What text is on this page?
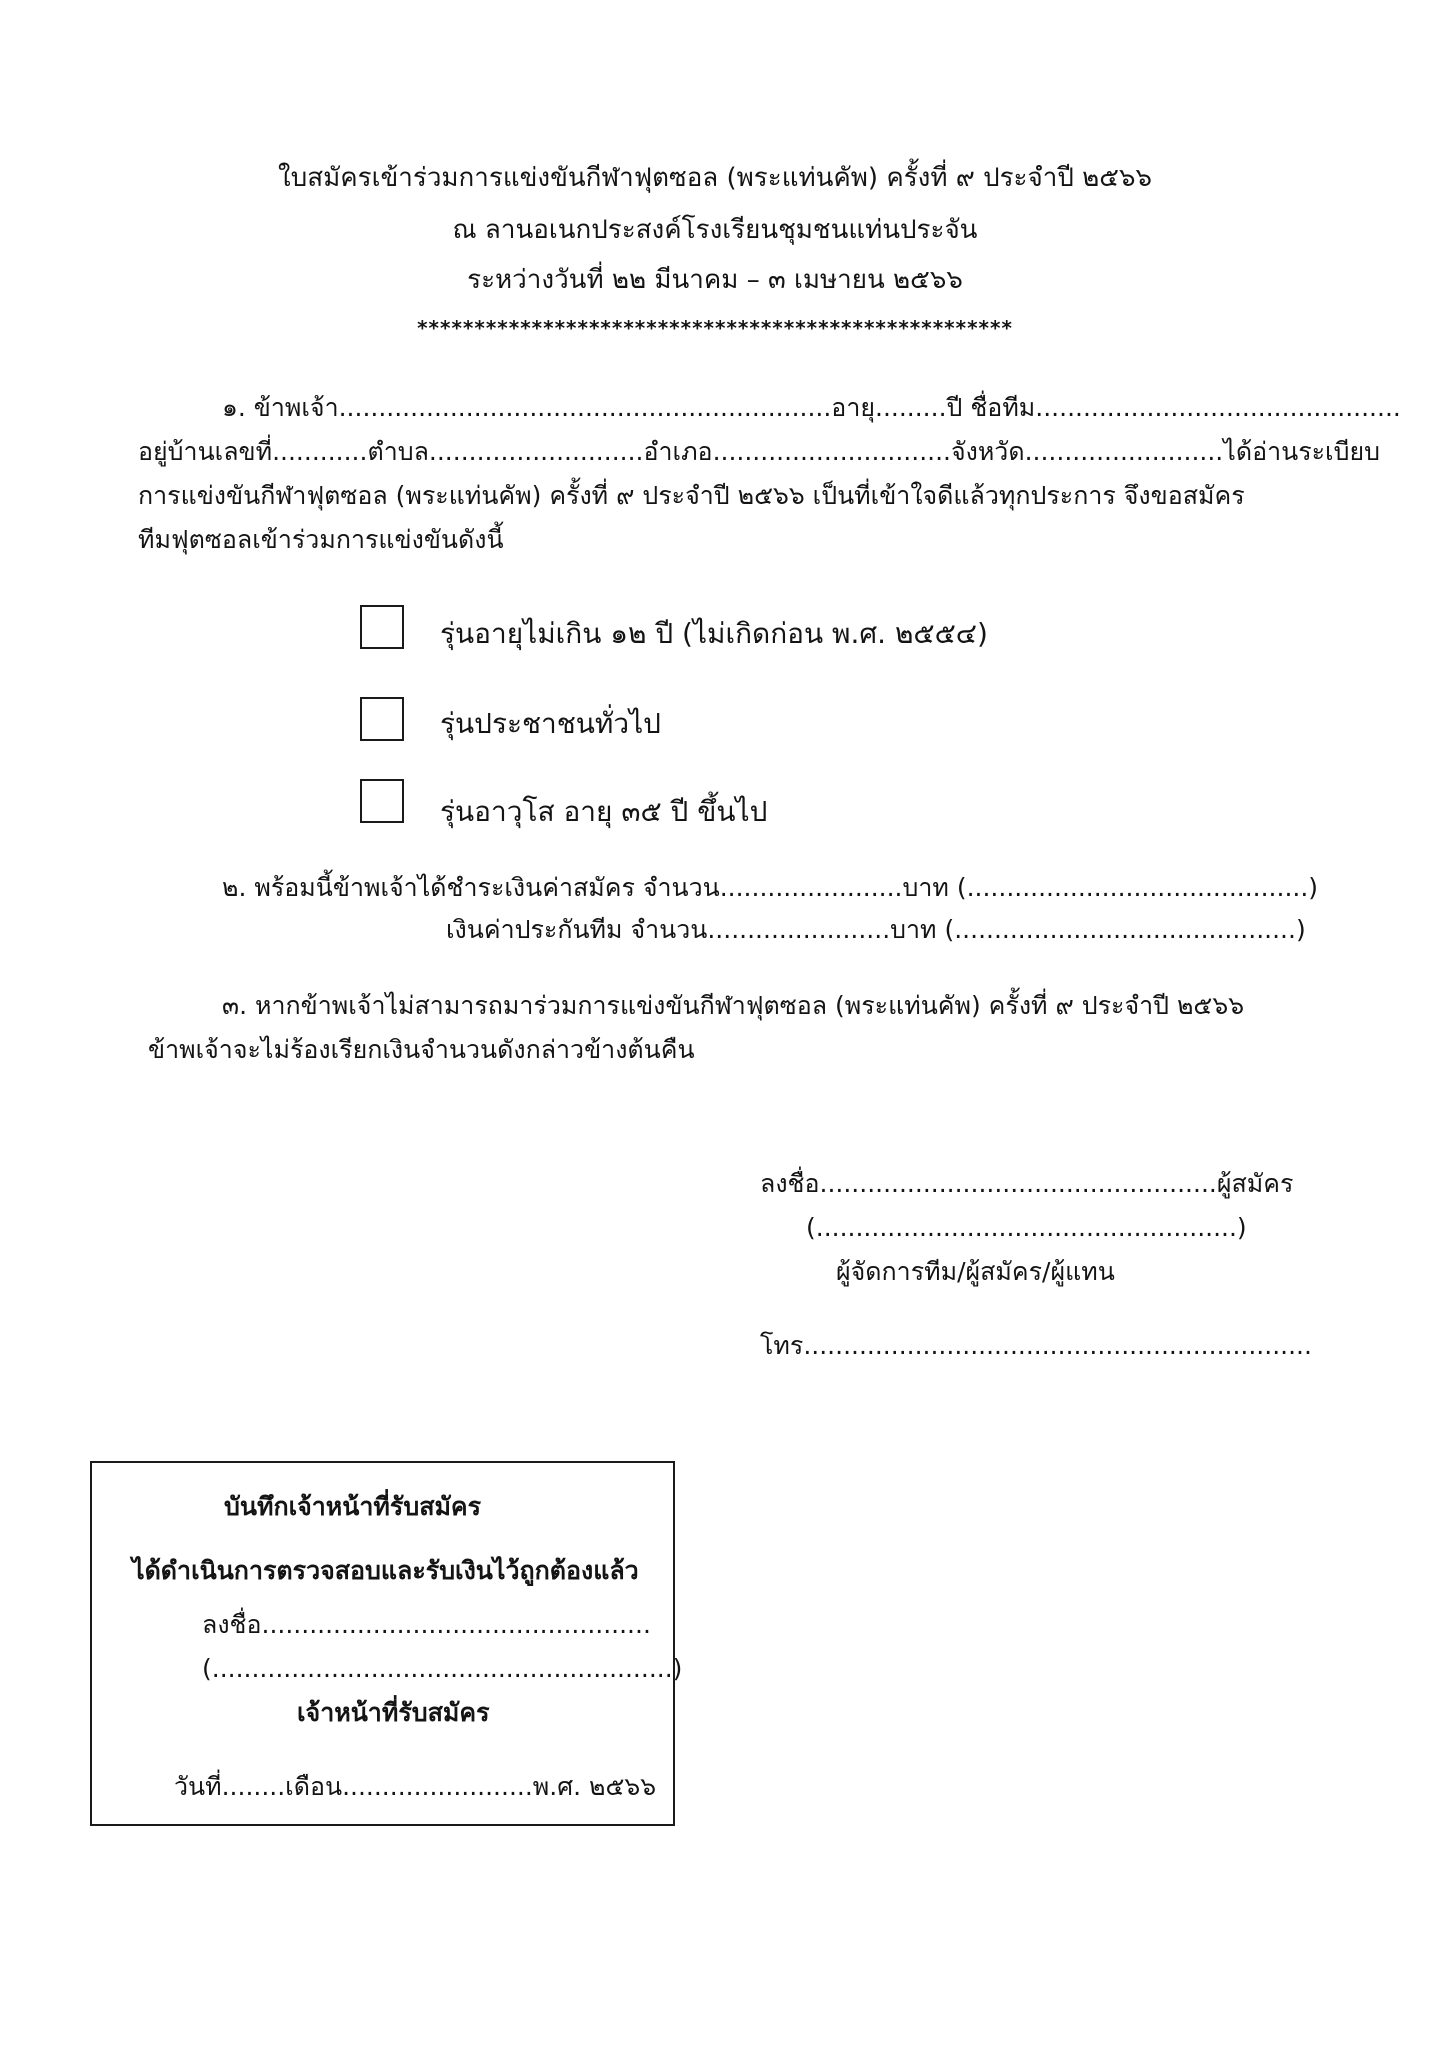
ใบสมัครเข้าร่วมการแข่งขันกีฬาฟุตซอล (พระแท่นคัพ) ครั้งที่ ๙ ประจำปี ๒๕๖๖
ณ ลานอเนกประสงค์โรงเรียนชุมชนแท่นประจัน
ระหว่างวันที่ ๒๒ มีนาคม – ๓ เมษายน ๒๕๖๖
****************************************************
๑. ข้าพเจ้า..............................................................อายุ.........ปี ชื่อทีม..............................................
อยู่บ้านเลขที่............ตำบล...........................อำเภอ..............................จังหวัด.........................ได้อ่านระเบียบ
การแข่งขันกีฬาฟุตซอล (พระแท่นคัพ) ครั้งที่ ๙ ประจำปี ๒๕๖๖ เป็นที่เข้าใจดีแล้วทุกประการ จึงขอสมัคร
ทีมฟุตซอลเข้าร่วมการแข่งขันดังนี้
รุ่นอายุไม่เกิน ๑๒ ปี (ไม่เกิดก่อน พ.ศ. ๒๕๕๔)
รุ่นประชาชนทั่วไป
รุ่นอาวุโส อายุ ๓๕ ปี ขึ้นไป
๒. พร้อมนี้ข้าพเจ้าได้ชำระเงินค่าสมัคร จำนวน.......................บาท (...........................................)
เงินค่าประกันทีม จำนวน.......................บาท (...........................................)
๓. หากข้าพเจ้าไม่สามารถมาร่วมการแข่งขันกีฬาฟุตซอล (พระแท่นคัพ) ครั้งที่ ๙ ประจำปี ๒๕๖๖
ข้าพเจ้าจะไม่ร้องเรียกเงินจำนวนดังกล่าวข้างต้นคืน
ลงชื่อ..................................................ผู้สมัคร
(.....................................................)
ผู้จัดการทีม/ผู้สมัคร/ผู้แทน
โทร................................................................
บันทึกเจ้าหน้าที่รับสมัคร
ได้ดำเนินการตรวจสอบและรับเงินไว้ถูกต้องแล้ว
ลงชื่อ.................................................
(..........................................................)
เจ้าหน้าที่รับสมัคร
วันที่........เดือน........................พ.ศ. ๒๕๖๖
